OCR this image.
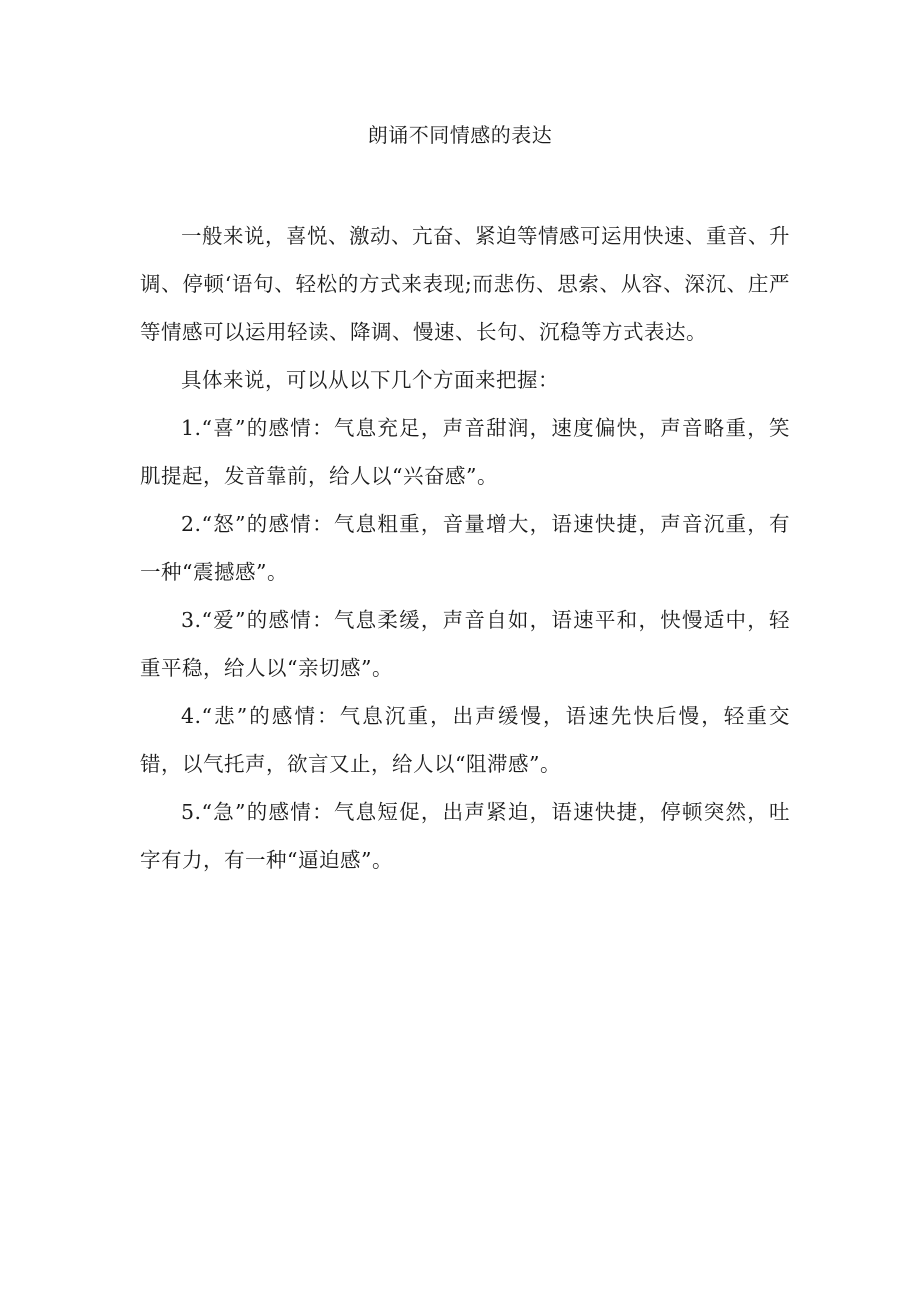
朗诵不同情感的表达

一般来说，喜悦、激动、亢奋、紧迫等情感可运用快速、重音、升调、停顿‘语句、轻松的方式来表现;而悲伤、思索、从容、深沉、庄严等情感可以运用轻读、降调、慢速、长句、沉稳等方式表达。

具体来说，可以从以下几个方面来把握：

1.“喜”的感情：气息充足，声音甜润，速度偏快，声音略重，笑肌提起，发音靠前，给人以“兴奋感”。

2.“怒”的感情：气息粗重，音量增大，语速快捷，声音沉重，有一种“震撼感”。

3.“爱”的感情：气息柔缓，声音自如，语速平和，快慢适中，轻重平稳，给人以“亲切感”。

4.“悲”的感情：气息沉重，出声缓慢，语速先快后慢，轻重交错，以气托声，欲言又止，给人以“阻滞感”。

5.“急”的感情：气息短促，出声紧迫，语速快捷，停顿突然，吐字有力，有一种“逼迫感”。
